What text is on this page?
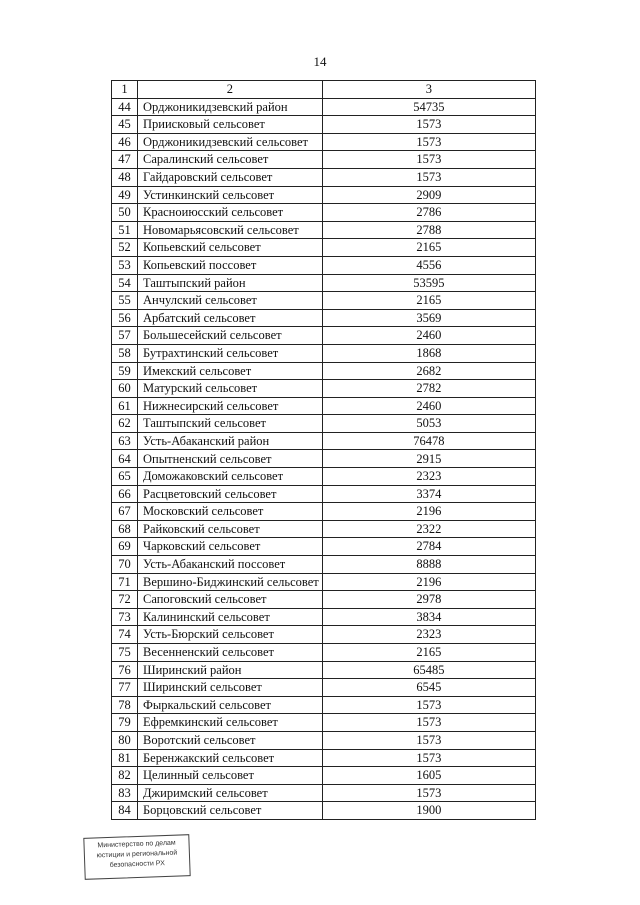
14
1	2	3
44	Орджоникидзевский район	54735
45	Приисковый сельсовет	1573
46	Орджоникидзевский сельсовет	1573
47	Саралинский сельсовет	1573
48	Гайдаровский сельсовет	1573
49	Устинкинский сельсовет	2909
50	Красноиюсский сельсовет	2786
51	Новомарьясовский сельсовет	2788
52	Копьевский сельсовет	2165
53	Копьевский поссовет	4556
54	Таштыпский район	53595
55	Анчулский сельсовет	2165
56	Арбатский сельсовет	3569
57	Большесейский сельсовет	2460
58	Бутрахтинский сельсовет	1868
59	Имекский сельсовет	2682
60	Матурский сельсовет	2782
61	Нижнесирский сельсовет	2460
62	Таштыпский сельсовет	5053
63	Усть-Абаканский район	76478
64	Опытненский сельсовет	2915
65	Доможаковский сельсовет	2323
66	Расцветовский сельсовет	3374
67	Московский сельсовет	2196
68	Райковский сельсовет	2322
69	Чарковский сельсовет	2784
70	Усть-Абаканский поссовет	8888
71	Вершино-Биджинский сельсовет	2196
72	Сапоговский сельсовет	2978
73	Калининский сельсовет	3834
74	Усть-Бюрский сельсовет	2323
75	Весенненский сельсовет	2165
76	Ширинский район	65485
77	Ширинский сельсовет	6545
78	Фыркальский сельсовет	1573
79	Ефремкинский сельсовет	1573
80	Воротский сельсовет	1573
81	Беренжакский сельсовет	1573
82	Целинный сельсовет	1605
83	Джиримский сельсовет	1573
84	Борцовский сельсовет	1900
Министерство по делам
юстиции и региональной
безопасности РХ
